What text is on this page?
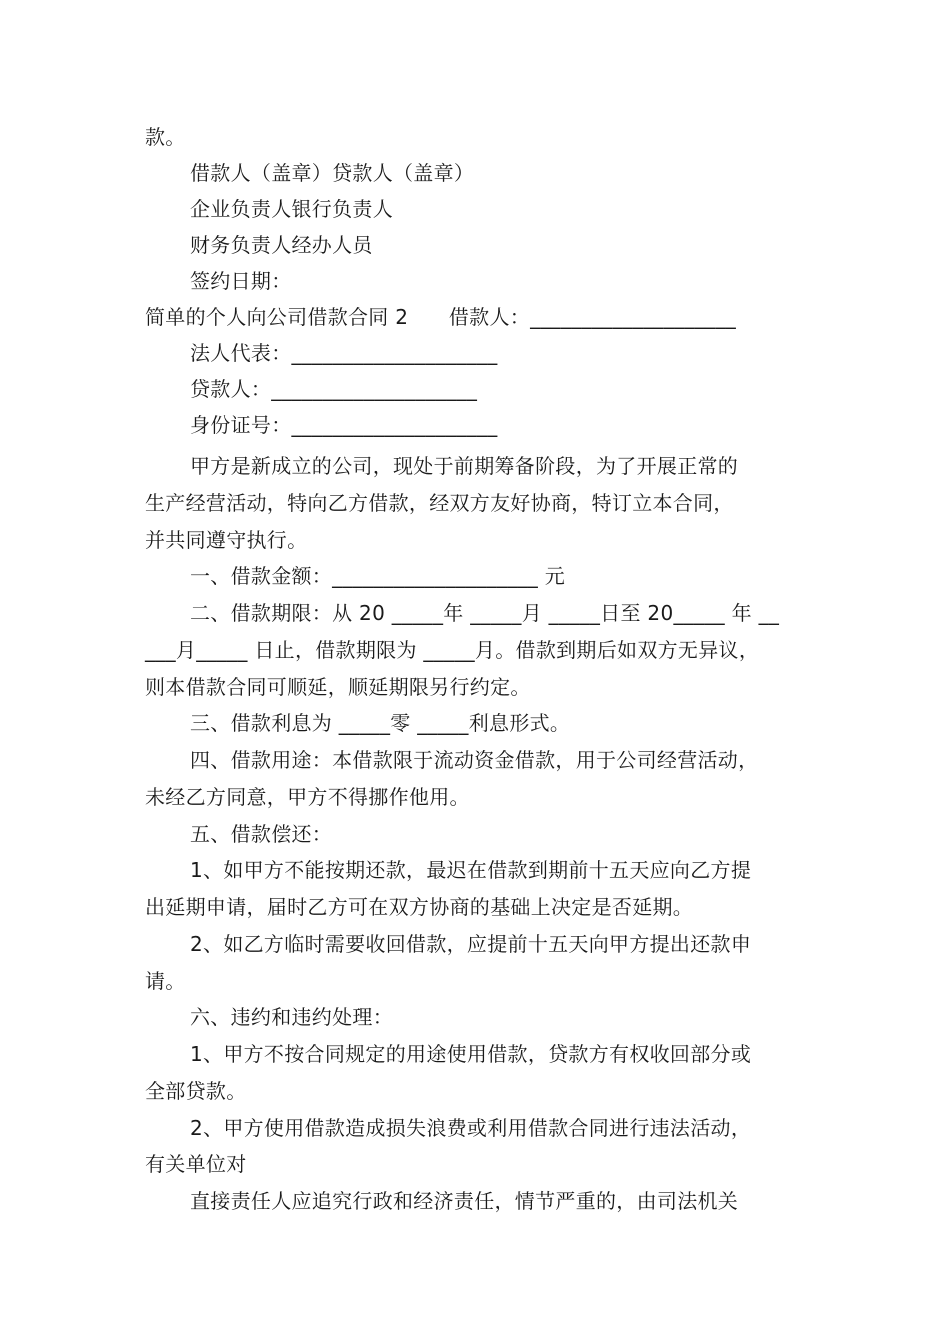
款。
借款人（盖章）贷款人（盖章）
企业负责人银行负责人
财务负责人经办人员
签约日期：
简单的个人向公司借款合同 2　　借款人：____________________
法人代表：____________________
贷款人：____________________
身份证号：____________________
甲方是新成立的公司，现处于前期筹备阶段，为了开展正常的
生产经营活动，特向乙方借款，经双方友好协商，特订立本合同，
并共同遵守执行。
一、借款金额：____________________ 元
二、借款期限：从 20 _____年 _____月 _____日至 20_____ 年 __
___月_____ 日止，借款期限为 _____月。借款到期后如双方无异议，
则本借款合同可顺延，顺延期限另行约定。
三、借款利息为 _____零 _____利息形式。
四、借款用途：本借款限于流动资金借款，用于公司经营活动，
未经乙方同意，甲方不得挪作他用。
五、借款偿还：
1、如甲方不能按期还款，最迟在借款到期前十五天应向乙方提
出延期申请，届时乙方可在双方协商的基础上决定是否延期。
2、如乙方临时需要收回借款，应提前十五天向甲方提出还款申
请。
六、违约和违约处理：
1、甲方不按合同规定的用途使用借款，贷款方有权收回部分或
全部贷款。
2、甲方使用借款造成损失浪费或利用借款合同进行违法活动，
有关单位对
直接责任人应追究行政和经济责任，情节严重的，由司法机关
